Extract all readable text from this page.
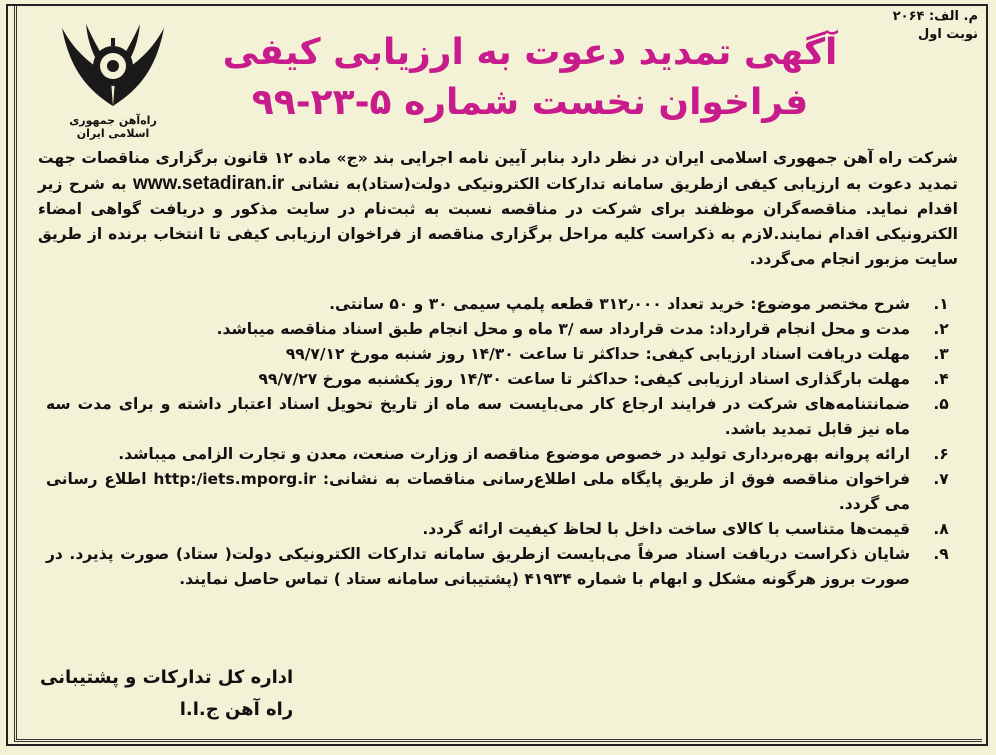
م. الف: ۲۰۶۴
نوبت اول
راه‌آهن جمهوری اسلامی ایران
آگهی تمدید دعوت به ارزیابی کیفی
فراخوان نخست شماره ۵-۲۳-۹۹
شرکت راه آهن جمهوری اسلامی ایران در نظر دارد بنابر آیین نامه اجرایی بند «ج» ماده ۱۲ قانون برگزاری مناقصات جهت تمدید دعوت به ارزیابی کیفی ازطریق سامانه تدارکات الکترونیکی دولت(ستاد)به نشانی www.setadiran.ir به شرح زیر اقدام نماید. مناقصه‌گران موظفند برای شرکت در مناقصه نسبت به ثبت‌نام در سایت مذکور و دریافت گواهی امضاء الکترونیکی اقدام نمایند.لازم به ذکراست کلیه مراحل برگزاری مناقصه از فراخوان ارزیابی کیفی تا انتخاب برنده از طریق سایت مزبور انجام می‌گردد.
۱.
شرح مختصر موضوع: خرید تعداد ۳۱۲٫۰۰۰ قطعه پلمپ سیمی ۳۰ و ۵۰ سانتی.
۲.
مدت و محل انجام قرارداد: مدت قرارداد سه /۳ ماه و محل انجام طبق اسناد مناقصه میباشد.
۳.
مهلت دریافت اسناد ارزیابی کیفی: حداکثر تا ساعت ۱۴/۳۰ روز شنبه مورخ ۹۹/۷/۱۲
۴.
مهلت بارگذاری اسناد ارزیابی کیفی: حداکثر تا ساعت ۱۴/۳۰ روز یکشنبه مورخ ۹۹/۷/۲۷
۵.
ضمانتنامه‌های شرکت در فرایند ارجاع کار می‌بایست سه ماه از تاریخ تحویل اسناد اعتبار داشته و برای مدت سه ماه نیز قابل تمدید باشد.
۶.
ارائه پروانه بهره‌برداری تولید در خصوص موضوع مناقصه از وزارت صنعت، معدن و تجارت الزامی میباشد.
۷.
فراخوان مناقصه فوق از طریق پایگاه ملی اطلاع‌رسانی مناقصات به نشانی: http:/iets.mporg.ir اطلاع رسانی می گردد.
۸.
قیمت‌ها متناسب با کالای ساخت داخل با لحاظ کیفیت ارائه گردد.
۹.
شایان ذکراست دریافت اسناد صرفاً می‌بایست ازطریق سامانه تدارکات الکترونیکی دولت( ستاد) صورت پذیرد. در صورت بروز هرگونه مشکل و ابهام با شماره ۴۱۹۳۴ (پشتیبانی سامانه ستاد ) تماس حاصل نمایند.
اداره کل تدارکات و پشتیبانی
راه آهن ج.ا.ا
